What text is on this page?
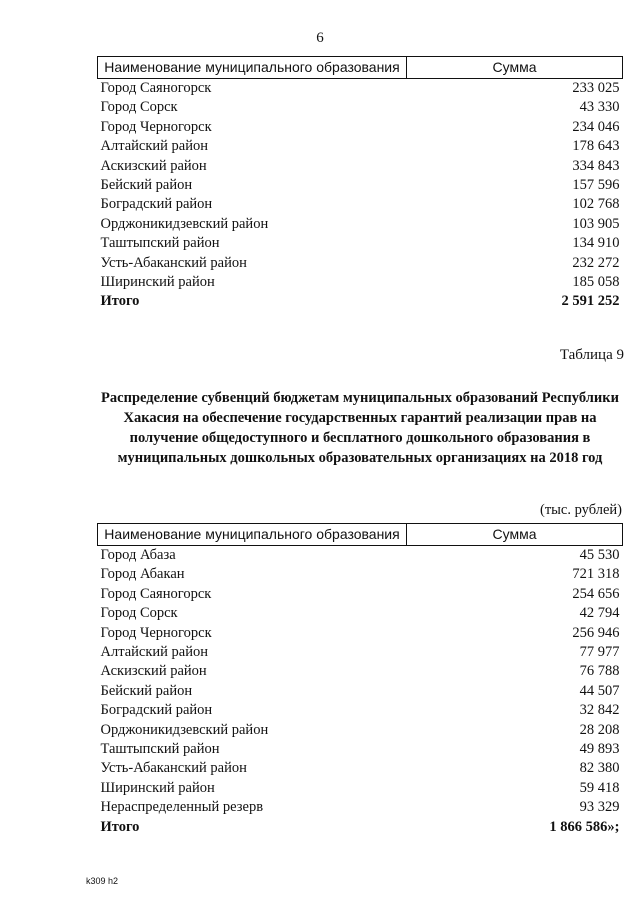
6
Наименование муниципального образования	Сумма
Город Саяногорск	233 025
Город Сорск	43 330
Город Черногорск	234 046
Алтайский район	178 643
Аскизский район	334 843
Бейский район	157 596
Боградский район	102 768
Орджоникидзевский район	103 905
Таштыпский район	134 910
Усть-Абаканский район	232 272
Ширинский район	185 058
Итого	2 591 252
Таблица 9
Распределение субвенций бюджетам муниципальных образований Республики Хакасия на обеспечение государственных гарантий реализации прав на получение общедоступного и бесплатного дошкольного образования в муниципальных дошкольных образовательных организациях на 2018 год
(тыс. рублей)
Наименование муниципального образования	Сумма
Город Абаза	45 530
Город Абакан	721 318
Город Саяногорск	254 656
Город Сорск	42 794
Город Черногорск	256 946
Алтайский район	77 977
Аскизский район	76 788
Бейский район	44 507
Боградский район	32 842
Орджоникидзевский район	28 208
Таштыпский район	49 893
Усть-Абаканский район	82 380
Ширинский район	59 418
Нераспределенный резерв	93 329
Итого	1 866 586»;
k309 h2
